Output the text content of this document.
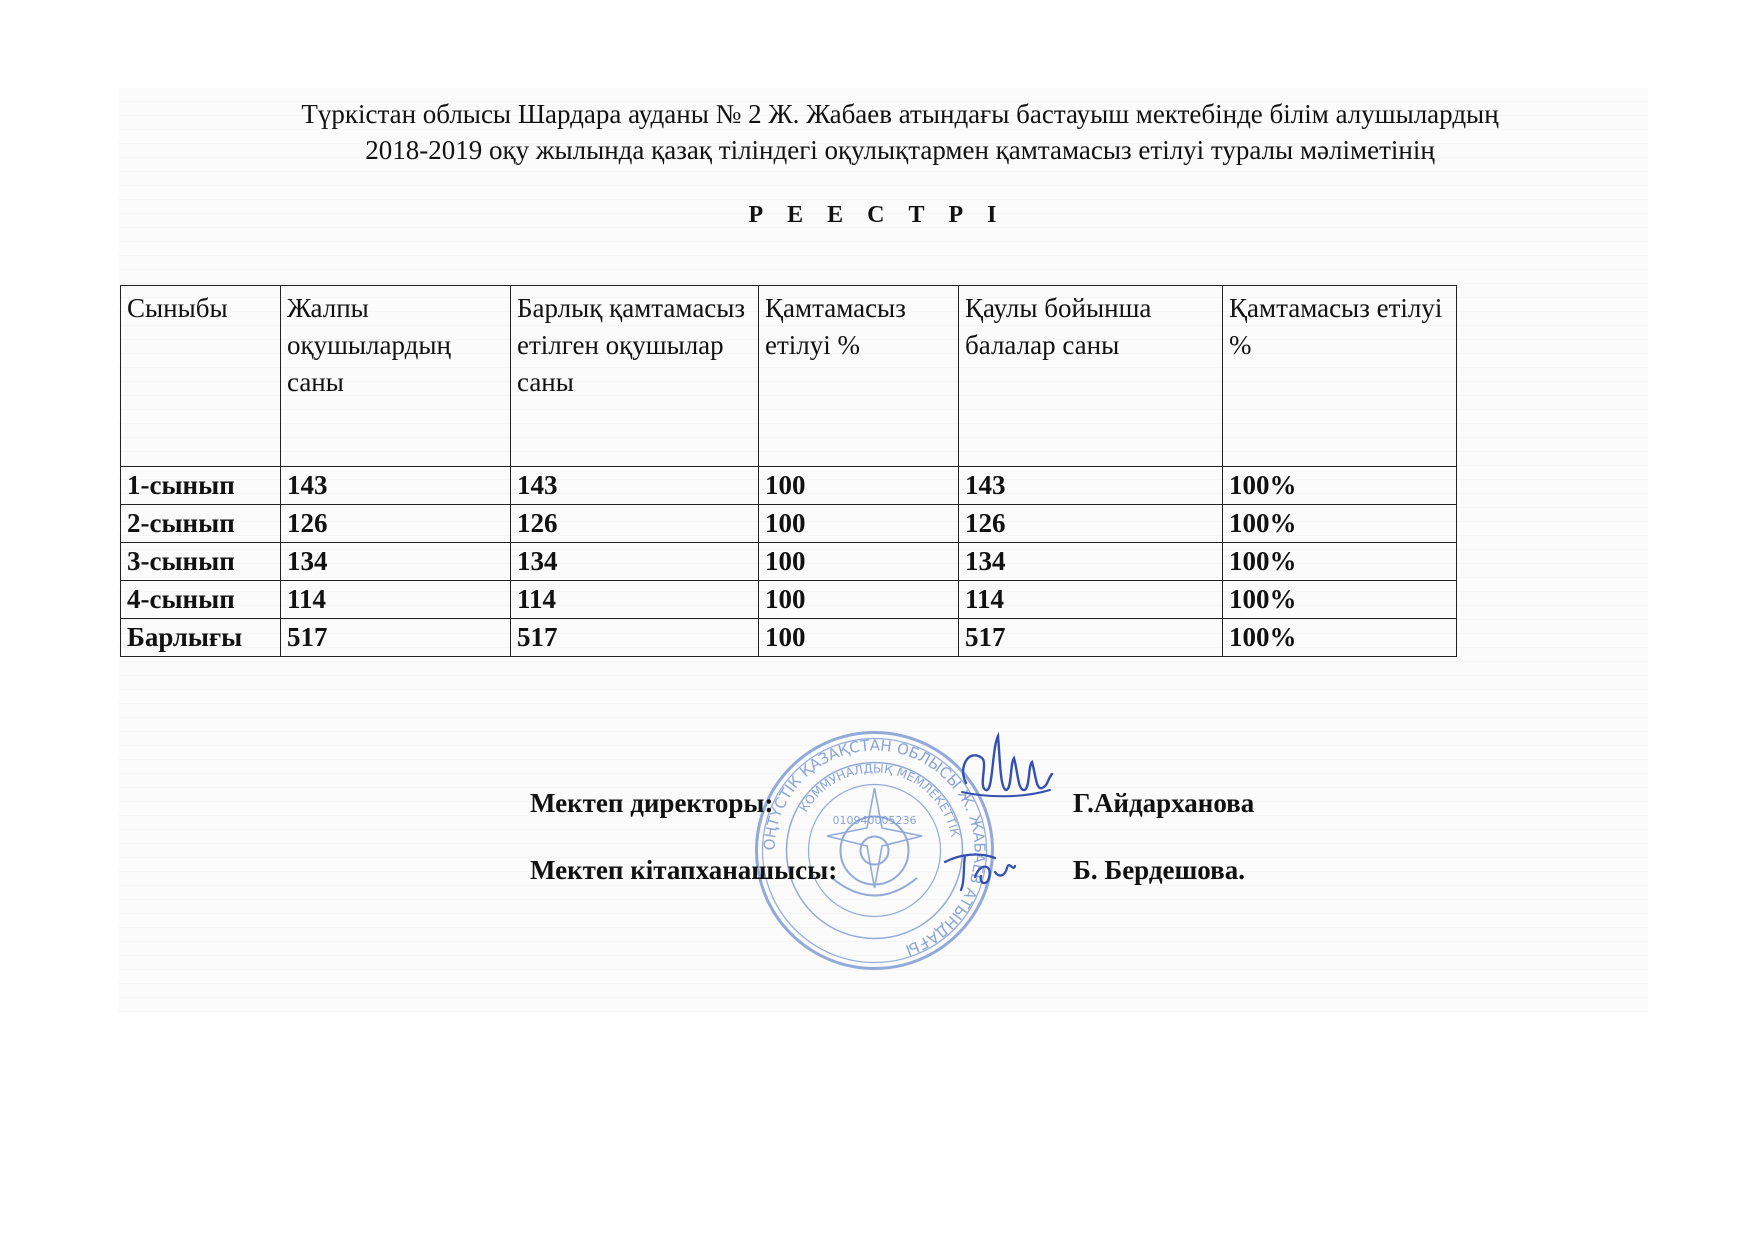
Түркістан облысы Шардара ауданы № 2 Ж. Жабаев атындағы бастауыш мектебінде білім алушылардың
2018-2019 оқу жылында қазақ тіліндегі оқулықтармен қамтамасыз етілуі туралы мәліметінің
Р Е Е С Т Р І
Сыныбы	Жалпы оқушылардың саны	Барлық қамтамасыз етілген оқушылар саны	Қамтамасыз етілуі %	Қаулы бойынша балалар саны	Қамтамасыз етілуі %
1-сынып	143	143	100	143	100%
2-сынып	126	126	100	126	100%
3-сынып	134	134	100	134	100%
4-сынып	114	114	100	114	100%
Барлығы	517	517	100	517	100%
ОҢТҮСТІК ҚАЗАҚСТАН ОБЛЫСЫ Ж. ЖАБАЕВ АТЫНДАҒЫ
КОММУНАЛДЫҚ МЕМЛЕКЕТТІК
010940005236
Мектеп директоры:	Г.Айдарханова
Мектеп кітапханашысы:	Б. Бердешова.
